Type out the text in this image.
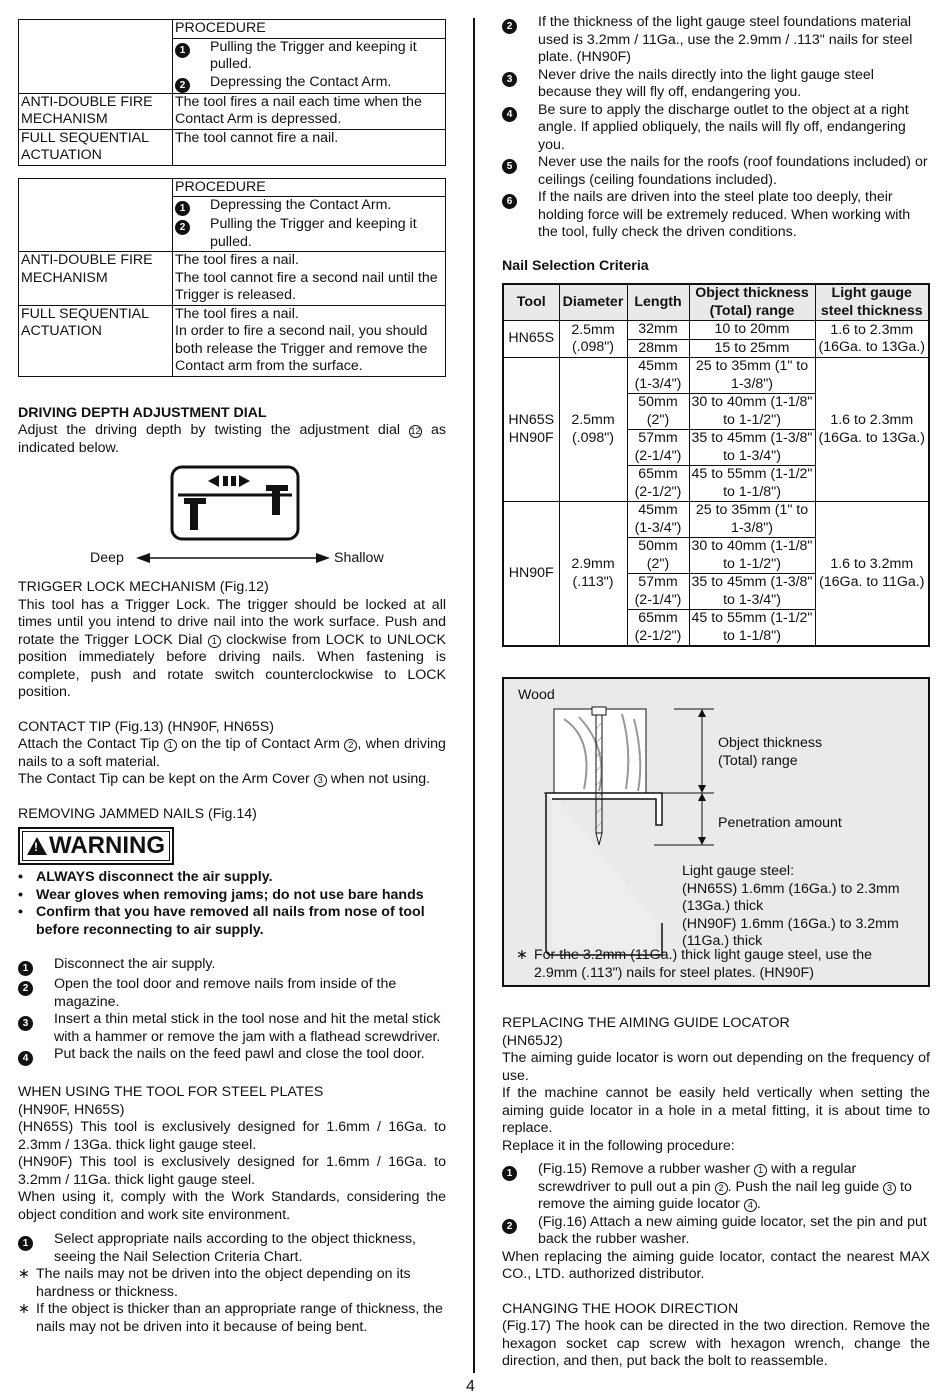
	PROCEDURE

	1 Pulling the Trigger and keeping it pulled.
2 Depressing the Contact Arm.

ANTI-DOUBLE FIRE MECHANISM	The tool fires a nail each time when the Contact Arm is depressed.
FULL SEQUENTIAL ACTUATION	The tool cannot fire a nail.
	PROCEDURE

	1 Depressing the Contact Arm.
2 Pulling the Trigger and keeping it pulled.

ANTI-DOUBLE FIRE MECHANISM	The tool fires a nail.
The tool cannot fire a second nail until the Trigger is released.

FULL SEQUENTIAL ACTUATION	The tool fires a nail.
In order to fire a second nail, you should both release the Trigger and remove the Contact arm from the surface.
DRIVING DEPTH ADJUSTMENT DIAL

Adjust the driving depth by twisting the adjustment dial 12 as indicated below.

Deep	Shallow
TRIGGER LOCK MECHANISM (Fig.12)

This tool has a Trigger Lock. The trigger should be locked at all times until you intend to drive nail into the work surface. Push and rotate the Trigger LOCK Dial 1 clockwise from LOCK to UNLOCK position immediately before driving nails. When fastening is complete, push and rotate switch counterclockwise to LOCK position.

CONTACT TIP (Fig.13) (HN90F, HN65S)

Attach the Contact Tip 1 on the tip of Contact Arm 2 , when driving nails to a soft material.

The Contact Tip can be kept on the Arm Cover 3 when not using.

REMOVING JAMMED NAILS (Fig.14)
! WARNING
• ALWAYS disconnect the air supply.
• Wear gloves when removing jams; do not use bare hands
• Confirm that you have removed all nails from nose of tool before reconnecting to air supply.
1	Disconnect the air supply.
2	Open the tool door and remove nails from inside of the magazine.
3	Insert a thin metal stick in the tool nose and hit the metal stick with a hammer or remove the jam with a flathead screwdriver.
4	Put back the nails on the feed pawl and close the tool door.
WHEN USING THE TOOL FOR STEEL PLATES
(HN90F, HN65S)

(HN65S) This tool is exclusively designed for 1.6mm / 16Ga. to 2.3mm / 13Ga. thick light gauge steel.

(HN90F) This tool is exclusively designed for 1.6mm / 16Ga. to 3.2mm / 11Ga. thick light gauge steel.

When using it, comply with the Work Standards, considering the object condition and work site environment.

1	Select appropriate nails according to the object thickness, seeing the Nail Selection Criteria Chart.
∗ The nails may not be driven into the object depending on its hardness or thickness.
∗ If the object is thicker than an appropriate range of thickness, the nails may not be driven into it because of being bent.
2	If the thickness of the light gauge steel foundations material used is 3.2mm / 11Ga., use the 2.9mm / .113" nails for steel plate. (HN90F)
3	Never drive the nails directly into the light gauge steel because they will fly off, endangering you.
4	Be sure to apply the discharge outlet to the object at a right angle. If applied obliquely, the nails will fly off, endangering you.
5	Never use the nails for the roofs (roof foundations included) or ceilings (ceiling foundations included).
6	If the nails are driven into the steel plate too deeply, their holding force will be extremely reduced. When working with the tool, fully check the driven conditions.
Nail Selection Criteria
Tool	Diameter	Length	Object thickness (Total) range	Light gauge steel thickness
HN65S	2.5mm (.098")	32mm	10 to 20mm	1.6 to 2.3mm (16Ga. to 13Ga.)
		28mm	15 to 25mm	
HN65S HN90F	2.5mm (.098")	45mm (1-3/4")	25 to 35mm (1" to 1-3/8")	1.6 to 2.3mm (16Ga. to 13Ga.)
		50mm (2")	30 to 40mm (1-1/8" to 1-1/2")	
		57mm (2-1/4")	35 to 45mm (1-3/8" to 1-3/4")	
		65mm (2-1/2")	45 to 55mm (1-1/2" to 1-1/8")	
HN90F	2.9mm (.113")	45mm (1-3/4")	25 to 35mm (1" to 1-3/8")	1.6 to 3.2mm (16Ga. to 11Ga.)
		50mm (2")	30 to 40mm (1-1/8" to 1-1/2")	
		57mm (2-1/4")	35 to 45mm (1-3/8" to 1-3/4")	
		65mm (2-1/2")	45 to 55mm (1-1/2" to 1-1/8")	
Wood
Object thickness (Total) range
Penetration amount
Light gauge steel:
(HN65S) 1.6mm (16Ga.) to 2.3mm (13Ga.) thick
(HN90F) 1.6mm (16Ga.) to 3.2mm (11Ga.) thick
∗ For the 3.2mm (11Ga.) thick light gauge steel, use the 2.9mm (.113") nails for steel plates. (HN90F)
REPLACING THE AIMING GUIDE LOCATOR
(HN65J2)

The aiming guide locator is worn out depending on the frequency of use.

If the machine cannot be easily held vertically when setting the aiming guide locator in a hole in a metal fitting, it is about time to replace.

Replace it in the following procedure:

1	(Fig.15) Remove a rubber washer 1 with a regular screwdriver to pull out a pin 2 . Push the nail leg guide 3 to remove the aiming guide locator 4 .
2	(Fig.16) Attach a new aiming guide locator, set the pin and put back the rubber washer.

When replacing the aiming guide locator, contact the nearest MAX CO., LTD. authorized distributor.

CHANGING THE HOOK DIRECTION

(Fig.17) The hook can be directed in the two direction. Remove the hexagon socket cap screw with hexagon wrench, change the direction, and then, put back the bolt to reassemble.

4
